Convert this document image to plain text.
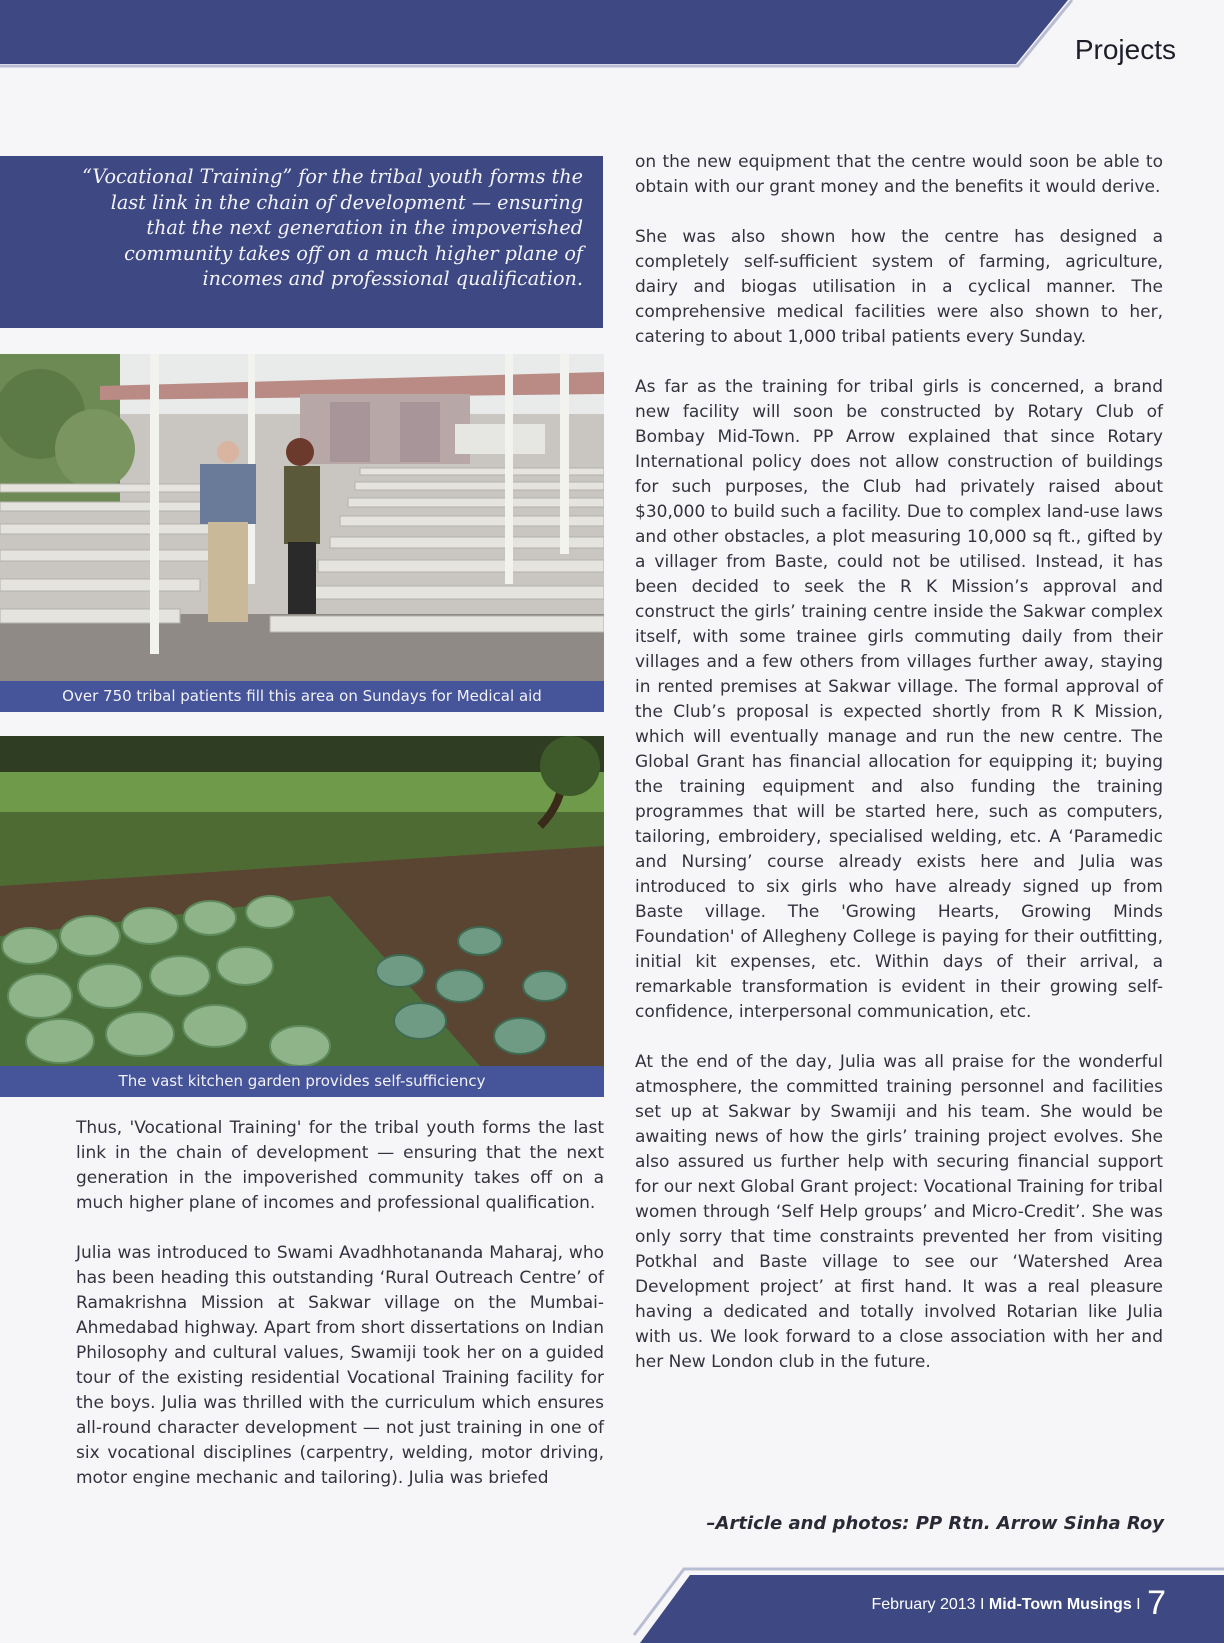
Projects
“Vocational Training” for the tribal youth forms the
last link in the chain of development — ensuring
that the next generation in the impoverished
community takes off on a much higher plane of
incomes and professional qualification.
Over 750 tribal patients fill this area on Sundays for Medical aid
The vast kitchen garden provides self-sufficiency

Thus, 'Vocational Training' for the tribal youth forms the last link in the chain of development — ensuring that the next generation in the impoverished community takes off on a much higher plane of incomes and professional qualification.

Julia was introduced to Swami Avadhhotananda Maharaj, who has been heading this outstanding ‘Rural Outreach Centre’ of Ramakrishna Mission at Sakwar village on the Mumbai-Ahmedabad highway. Apart from short dissertations on Indian Philosophy and cultural values, Swamiji took her on a guided tour of the existing residential Vocational Training facility for the boys. Julia was thrilled with the curriculum which ensures all-round character development — not just training in one of six vocational disciplines (carpentry, welding, motor driving, motor engine mechanic and tailoring). Julia was briefed

on the new equipment that the centre would soon be able to obtain with our grant money and the benefits it would derive.

She was also shown how the centre has designed a completely self-sufficient system of farming, agriculture, dairy and biogas utilisation in a cyclical manner. The comprehensive medical facilities were also shown to her, catering to about 1,000 tribal patients every Sunday.

As far as the training for tribal girls is concerned, a brand new facility will soon be constructed by Rotary Club of Bombay Mid-Town. PP Arrow explained that since Rotary International policy does not allow construction of buildings for such purposes, the Club had privately raised about $30,000 to build such a facility. Due to complex land-use laws and other obstacles, a plot measuring 10,000 sq ft., gifted by a villager from Baste, could not be utilised. Instead, it has been decided to seek the R K Mission’s approval and construct the girls’ training centre inside the Sakwar complex itself, with some trainee girls commuting daily from their villages and a few others from villages further away, staying in rented premises at Sakwar village. The formal approval of the Club’s proposal is expected shortly from R K Mission, which will eventually manage and run the new centre. The Global Grant has financial allocation for equipping it; buying the training equipment and also funding the training programmes that will be started here, such as computers, tailoring, embroidery, specialised welding, etc. A ‘Paramedic and Nursing’ course already exists here and Julia was introduced to six girls who have already signed up from Baste village. The 'Growing Hearts, Growing Minds Foundation' of Allegheny College is paying for their outfitting, initial kit expenses, etc. Within days of their arrival, a remarkable transformation is evident in their growing self-confidence, interpersonal communication, etc.

At the end of the day, Julia was all praise for the wonderful atmosphere, the committed training personnel and facilities set up at Sakwar by Swamiji and his team. She would be awaiting news of how the girls’ training project evolves. She also assured us further help with securing financial support for our next Global Grant project: Vocational Training for tribal women through ‘Self Help groups’ and Micro-Credit’. She was only sorry that time constraints prevented her from visiting Potkhal and Baste village to see our ‘Watershed Area Development project’ at first hand. It was a real pleasure having a dedicated and totally involved Rotarian like Julia with us. We look forward to a close association with her and her New London club in the future.

–Article and photos: PP Rtn. Arrow Sinha Roy
February 2013 I Mid-Town Musings I 7
